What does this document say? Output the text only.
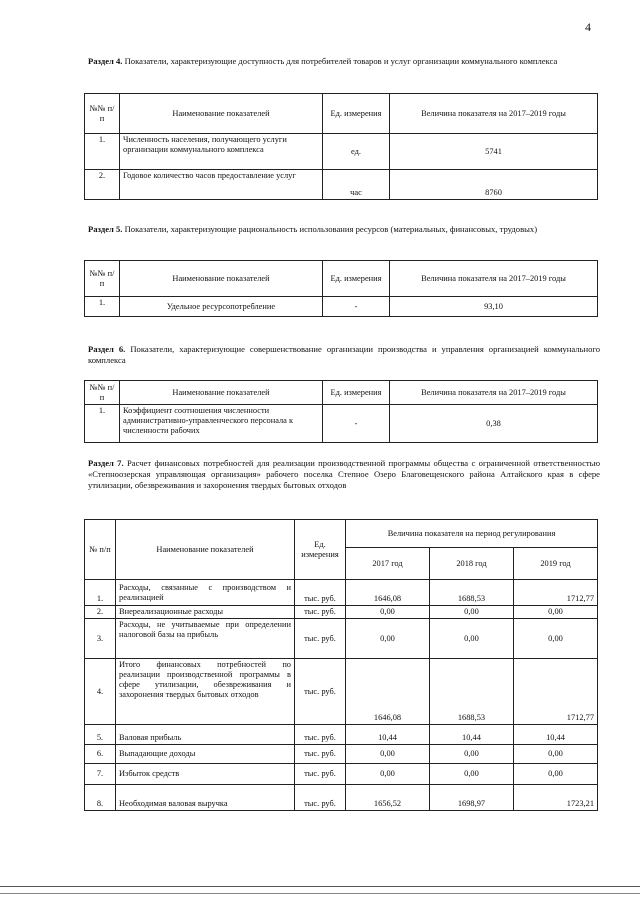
4
Раздел 4. Показатели, характеризующие доступность для потребителей товаров и услуг организации коммунального комплекса
№№ п/п	Наименование показателей	Ед. измерения	Величина показателя на 2017–2019 годы
1.	Численность населения, получающего услуги организации коммунального комплекса	ед.	5741
2.	Годовое количество часов предоставление услуг	час	8760
Раздел 5. Показатели, характеризующие рациональность использования ресурсов (материальных, финансовых, трудовых)
№№ п/п	Наименование показателей	Ед. измерения	Величина показателя на 2017–2019 годы
1.	Удельное ресурсопотребление	-	93,10
Раздел 6. Показатели, характеризующие совершенствование организации производства и управления организацией коммунального комплекса
№№ п/п	Наименование показателей	Ед. измерения	Величина показателя на 2017–2019 годы
1.	Коэффициент соотношения численности административно-управленческого персонала к численности рабочих	-	0,38
Раздел 7. Расчет финансовых потребностей для реализации производственной программы общества с ограниченной ответственностью «Степноозерская управляющая организация» рабочего поселка Степное Озеро Благовещенского района Алтайского края в сфере утилизации, обезвреживания и захоронения твердых бытовых отходов
№ п/п	Наименование показателей	Ед. измерения	Величина показателя на период регулирования		
			2017 год	2018 год	2019 год
1.	Расходы, связанные с производством и реализацией	тыс. руб.	1646,08	1688,53	1712,77
2.	Внереализационные расходы	тыс. руб.	0,00	0,00	0,00
3.	Расходы, не учитываемые при определении налоговой базы на прибыль	тыс. руб.	0,00	0,00	0,00
4.	Итого финансовых потребностей по реализации производственной программы в сфере утилизации, обезвреживания и захоронения твердых бытовых отходов	тыс. руб.	1646,08	1688,53	1712,77
5.	Валовая прибыль	тыс. руб.	10,44	10,44	10,44
6.	Выпадающие доходы	тыс. руб.	0,00	0,00	0,00
7.	Избыток средств	тыс. руб.	0,00	0,00	0,00
8.	Необходимая валовая выручка	тыс. руб.	1656,52	1698,97	1723,21
